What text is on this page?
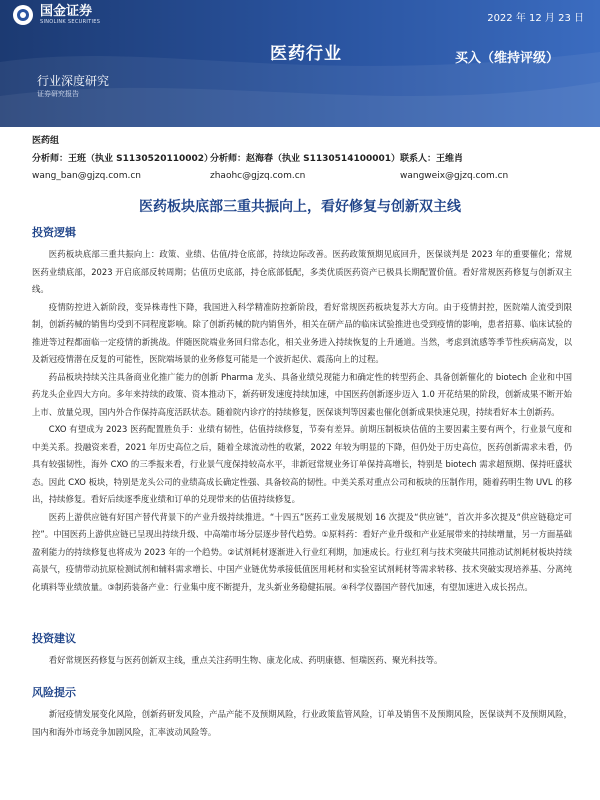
国金证券
SINOLINK SECURITIES	2022 年 12 月 23 日
医药行业	买入（维持评级）
行业深度研究
证券研究报告
医药组
分析师：王班（执业 S1130520110002）
分析师：赵海春（执业 S1130514100001） 联系人：王维肖
wang_ban@gjzq.com.cn	zhaohc@gjzq.com.cn	wangweix@gjzq.com.cn
医药板块底部三重共振向上，看好修复与创新双主线
投资逻辑

医药板块底部三重共振向上：政策、业绩、估值/持仓底部，持续边际改善。医药政策预期见底回升，医保谈判是 2023 年的重要催化；常规医药业绩底部，2023 开启底部反转周期；估值历史底部，持仓底部低配，多类优质医药资产已极具长期配置价值。看好常规医药修复与创新双主线。

疫情防控进入新阶段，变异株毒性下降，我国进入科学精准防控新阶段，看好常规医药板块复苏大方向。由于疫情封控，医院端人流受到限制，创新药械的销售均受到不同程度影响。除了创新药械的院内销售外，相关在研产品的临床试验推进也受到疫情的影响，患者招募、临床试验的推进等过程都面临一定疫情的新挑战。伴随医院端业务回归常态化，相关业务进入持续恢复的上升通道。当然，考虑到流感等季节性疾病高发，以及新冠疫情潜在反复的可能性，医院端场景的业务修复可能是一个波折起伏、震荡向上的过程。

药品板块持续关注具备商业化推广能力的创新 Pharma 龙头、具备业绩兑现能力和确定性的转型药企、具备创新催化的 biotech 企业和中国药龙头企业四大方向。多年来持续的政策、资本推动下，新药研发速度持续加速，中国医药创新逐步迈入 1.0 开花结果的阶段，创新成果不断开始上市、放量兑现，国内外合作保持高度活跃状态。随着院内诊疗的持续修复，医保谈判等因素也催化创新成果快速兑现，持续看好本土创新药。

CXO 有望成为 2023 医药配置胜负手：业绩有韧性，估值持续修复，节奏有差异。前期压制板块估值的主要因素主要有两个，行业景气度和中美关系。投融资来看，2021 年历史高位之后，随着全球流动性的收紧，2022 年较为明显的下降，但仍处于历史高位，医药创新需求未看，仍具有较强韧性，海外 CXO 的三季报来看，行业景气度保持较高水平，非新冠常规业务订单保持高增长，特别是 biotech 需求超预期、保持旺盛状态。因此 CXO 板块，特别是龙头公司的业绩高成长确定性强、具备较高的韧性。中美关系对重点公司和板块的压制作用，随着药明生物 UVL 的移出，持续修复。看好后续逐季度业绩和订单的兑现带来的估值持续修复。

医药上游供应链有好国产替代背景下的产业升级持续推进。“十四五”医药工业发展规划 16 次提及“供应链”，首次并多次提及“供应链稳定可控”。中国医药上游供应链已呈现出持续升级、中高端市场分层逐步替代趋势。①原料药：看好产业升级和产业延展带来的持续增量，另一方面基础盈利能力的持续修复也将成为 2023 年的一个趋势。②试剂耗材逐渐进入行业红利期，加速成长。行业红利与技术突破共同推动试剂耗材板块持续高景气，疫情带动抗原检测试剂和辅料需求增长、中国产业链优势承接低值医用耗材和实验室试剂耗材等需求转移、技术突破实现培养基、分离纯化填料等业绩放量。③制药装备产业：行业集中度不断提升，龙头新业务稳健拓展。④科学仪器国产替代加速，有望加速进入成长拐点。

投资建议

看好常规医药修复与医药创新双主线，重点关注药明生物、康龙化成、药明康德、恒瑞医药、聚光科技等。

风险提示

新冠疫情发展变化风险，创新药研发风险，产品产能不及预期风险，行业政策监管风险，订单及销售不及预期风险，医保谈判不及预期风险，国内和海外市场竞争加剧风险，汇率波动风险等。
